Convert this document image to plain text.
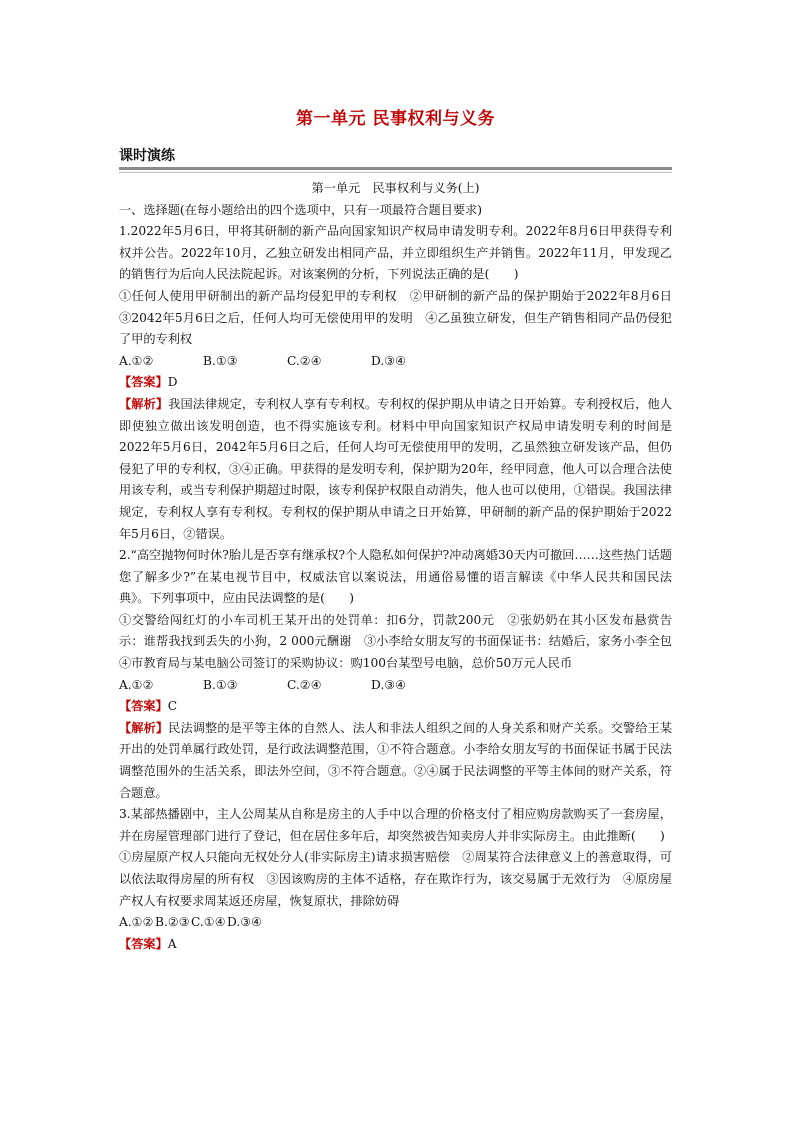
第一单元 民事权利与义务
课时演练
第一单元　民事权利与义务(上)

一、选择题(在每小题给出的四个选项中，只有一项最符合题目要求)

1.2022年5月6日，甲将其研制的新产品向国家知识产权局申请发明专利。2022年8月6日甲获得专利权并公告。2022年10月，乙独立研发出相同产品，并立即组织生产并销售。2022年11月，甲发现乙的销售行为后向人民法院起诉。对该案例的分析，下列说法正确的是(　　)

①任何人使用甲研制出的新产品均侵犯甲的专利权　②甲研制的新产品的保护期始于2022年8月6日　③2042年5月6日之后，任何人均可无偿使用甲的发明　④乙虽独立研发，但生产销售相同产品仍侵犯了甲的专利权

A.①②	B.①③	C.②④	D.③④

【答案】D

【解析】我国法律规定，专利权人享有专利权。专利权的保护期从申请之日开始算。专利授权后，他人即使独立做出该发明创造，也不得实施该专利。材料中甲向国家知识产权局申请发明专利的时间是2022年5月6日，2042年5月6日之后，任何人均可无偿使用甲的发明，乙虽然独立研发该产品，但仍侵犯了甲的专利权，③④正确。甲获得的是发明专利，保护期为20年，经甲同意，他人可以合理合法使用该专利，或当专利保护期超过时限，该专利保护权限自动消失，他人也可以使用，①错误。我国法律规定，专利权人享有专利权。专利权的保护期从申请之日开始算，甲研制的新产品的保护期始于2022年5月6日，②错误。

2.“高空抛物何时休?胎儿是否享有继承权?个人隐私如何保护?冲动离婚30天内可撤回……这些热门话题您了解多少?”在某电视节目中，权威法官以案说法，用通俗易懂的语言解读《中华人民共和国民法典》。下列事项中，应由民法调整的是(　　)

①交警给闯红灯的小车司机王某开出的处罚单：扣6分，罚款200元　②张奶奶在其小区发布悬赏告示：谁帮我找到丢失的小狗，2 000元酬谢　③小李给女朋友写的书面保证书：结婚后，家务小李全包　④市教育局与某电脑公司签订的采购协议：购100台某型号电脑，总价50万元人民币

A.①②	B.①③	C.②④	D.③④

【答案】C

【解析】民法调整的是平等主体的自然人、法人和非法人组织之间的人身关系和财产关系。交警给王某开出的处罚单属行政处罚，是行政法调整范围，①不符合题意。小李给女朋友写的书面保证书属于民法调整范围外的生活关系，即法外空间，③不符合题意。②④属于民法调整的平等主体间的财产关系，符合题意。

3.某部热播剧中，主人公周某从自称是房主的人手中以合理的价格支付了相应购房款购买了一套房屋，并在房屋管理部门进行了登记，但在居住多年后，却突然被告知卖房人并非实际房主。由此推断(　　)

①房屋原产权人只能向无权处分人(非实际房主)请求损害赔偿　②周某符合法律意义上的善意取得，可以依法取得房屋的所有权　③因该购房的主体不适格，存在欺诈行为，该交易属于无效行为　④原房屋产权人有权要求周某返还房屋，恢复原状，排除妨碍

A.①②B.②③C.①④D.③④

【答案】A
